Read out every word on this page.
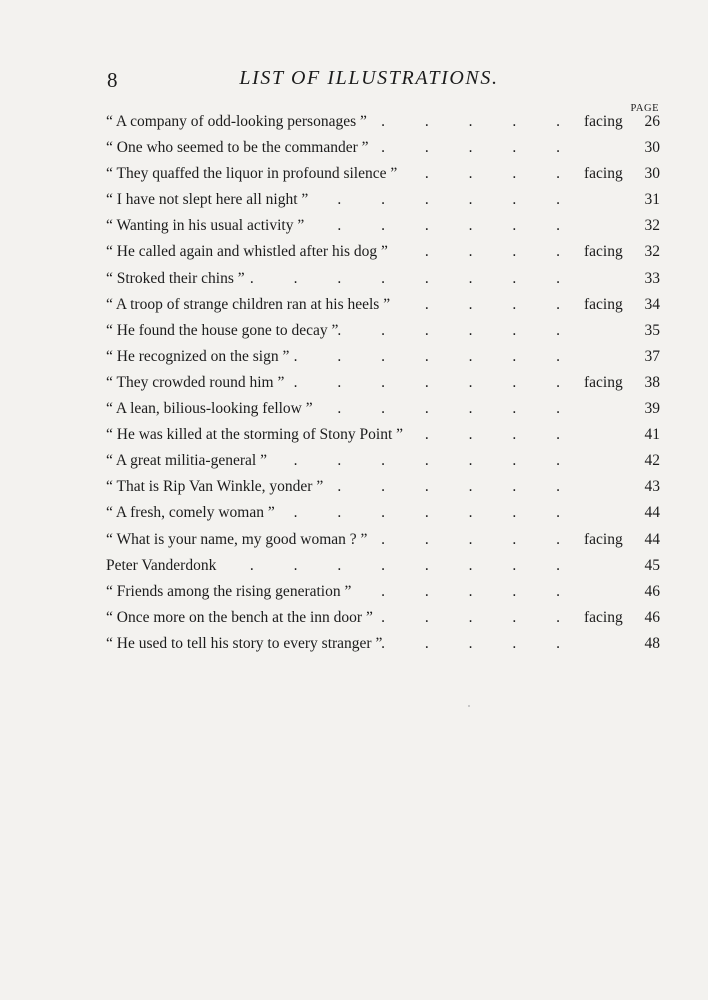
8	LIST OF ILLUSTRATIONS.
PAGE
“ A company of odd-looking personages ” . . .	facing	26
“ One who seemed to be the commander ” . . .	30
“ They quaffed the liquor in profound silence ” . . .	facing	30
“ I have not slept here all night ” . . .	31
“ Wanting in his usual activity ” . . .	32
“ He called again and whistled after his dog ” . . .	facing	32
“ Stroked their chins ” . . .	33
“ A troop of strange children ran at his heels ” . . .	facing	34
“ He found the house gone to decay ” . . .	35
“ He recognized on the sign ” . . .	37
“ They crowded round him ” . . .	facing	38
“ A lean, bilious-looking fellow ” . . .	39
“ He was killed at the storming of Stony Point ” . . .	41
“ A great militia-general ” . . .	42
“ That is Rip Van Winkle, yonder ” . . .	43
“ A fresh, comely woman ” . . .	44
“ What is your name, my good woman ? ” . . .	facing	44
Peter Vanderdonk . . .	45
“ Friends among the rising generation ” . . .	46
“ Once more on the bench at the inn door ” . . .	facing	46
“ He used to tell his story to every stranger ” . . .	48
